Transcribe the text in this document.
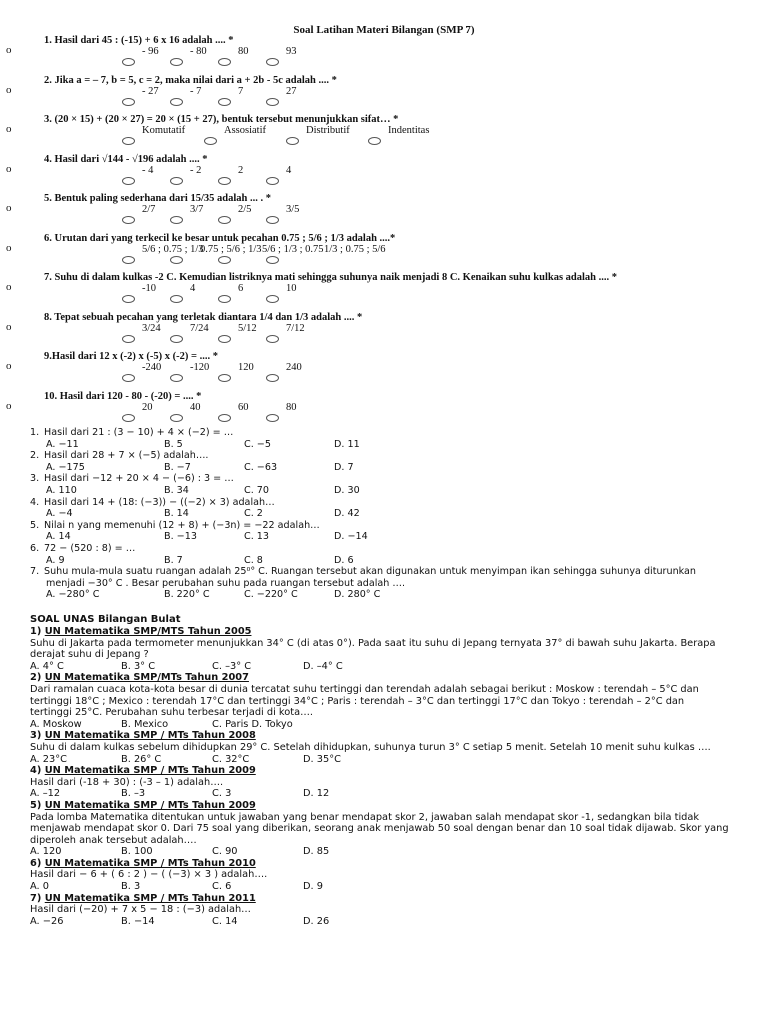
Soal Latihan Materi Bilangan (SMP 7)
o
1. Hasil dari 45 : (-15) + 6 x 16 adalah .... *
- 96	- 80	80	93
o
2. Jika a = – 7, b = 5, c = 2, maka nilai dari a + 2b - 5c adalah .... *
- 27	- 7	7	27
o
3. (20 × 15) + (20 × 27) = 20 × (15 + 27), bentuk tersebut menunjukkan sifat… *
Komutatif	Assosiatif	Distributif	Indentitas
o
4. Hasil dari √144 - √196 adalah .... *
- 4	- 2	2	4
o
5. Bentuk paling sederhana dari 15/35 adalah ... . *
2/7	3/7	2/5	3/5
o
6. Urutan dari yang terkecil ke besar untuk pecahan 0.75 ; 5/6 ; 1/3 adalah ....*
5/6 ; 0.75 ; 1/3
0.75 ; 5/6 ; 1/3 5/6 ; 1/3 ; 0.75 1/3 ; 0.75 ; 5/6
o
7. Suhu di dalam kulkas -2 C. Kemudian listriknya mati sehingga suhunya naik menjadi 8 C. Kenaikan suhu kulkas adalah .... *
-10	4	6	10
o
8. Tepat sebuah pecahan yang terletak diantara 1/4 dan 1/3 adalah .... *
3/24	7/24	5/12	7/12
o
9.Hasil dari 12 x (-2) x (-5) x (-2) = .... *
-240	-120	120	240
o
10. Hasil dari 120 - 80 - (-20) = .... *
20	40	60	80
1. Hasil dari 21 : (3 − 10) + 4 × (−2) = …
A. −11	B. 5	C. −5	D. 11
2. Hasil dari 28 + 7 × (−5) adalah….
A. −175	B. −7	C. −63	D. 7
3. Hasil dari −12 + 20 × 4 − (−6) : 3 = …
A. 110	B. 34	C. 70	D. 30
4. Hasil dari 14 + (18: (−3)) − ((−2) × 3) adalah…
A. −4	B. 14	C. 2	D. 42
5. Nilai n yang memenuhi (12 + 8) + (−3n) = −22 adalah…
A. 14	B. −13	C. 13	D. −14
6. 72 − (520 : 8) = …
A. 9	B. 7	C. 8	D. 6
7. Suhu mula-mula suatu ruangan adalah 25⁰° C. Ruangan tersebut akan digunakan untuk menyimpan ikan sehingga suhunya diturunkan
menjadi −30° C . Besar perubahan suhu pada ruangan tersebut adalah ….
A. −280° C	B. 220° C	C. −220° C	D. 280° C
SOAL UNAS Bilangan Bulat
1) UN Matematika SMP/MTS Tahun 2005
Suhu di Jakarta pada termometer menunjukkan 34° C (di atas 0°). Pada saat itu suhu di Jepang ternyata 37° di bawah suhu Jakarta. Berapa
derajat suhu di Jepang ?
A. 4° C	B. 3° C	C. –3° C	D. –4° C
2) UN Matematika SMP/MTs Tahun 2007
Dari ramalan cuaca kota-kota besar di dunia tercatat suhu tertinggi dan terendah adalah sebagai berikut : Moskow : terendah – 5°C dan
tertinggi 18°C ; Mexico : terendah 17°C dan tertinggi 34°C ; Paris : terendah – 3°C dan tertinggi 17°C dan Tokyo : terendah – 2°C dan
tertinggi 25°C. Perubahan suhu terbesar terjadi di kota….
A. Moskow	B. Mexico	C. Paris D. Tokyo
3) UN Matematika SMP / MTs Tahun 2008
Suhu di dalam kulkas sebelum dihidupkan 29° C. Setelah dihidupkan, suhunya turun 3° C setiap 5 menit. Setelah 10 menit suhu kulkas ….
A. 23°C	B. 26° C	C. 32°C	D. 35°C
4) UN Matematika SMP / MTs Tahun 2009
Hasil dari (-18 + 30) : (-3 – 1) adalah….
A. –12	B. –3	C. 3	D. 12
5) UN Matematika SMP / MTs Tahun 2009
Pada lomba Matematika ditentukan untuk jawaban yang benar mendapat skor 2, jawaban salah mendapat skor -1, sedangkan bila tidak
menjawab mendapat skor 0. Dari 75 soal yang diberikan, seorang anak menjawab 50 soal dengan benar dan 10 soal tidak dijawab. Skor yang
diperoleh anak tersebut adalah….
A. 120	B. 100	C. 90	D. 85
6) UN Matematika SMP / MTs Tahun 2010
Hasil dari − 6 + ( 6 : 2 ) − ( (−3) × 3 ) adalah….
A. 0	B. 3	C. 6	D. 9
7) UN Matematika SMP / MTs Tahun 2011
Hasil dari (−20) + 7 x 5 − 18 : (−3) adalah…
A. −26	B. −14	C. 14	D. 26
